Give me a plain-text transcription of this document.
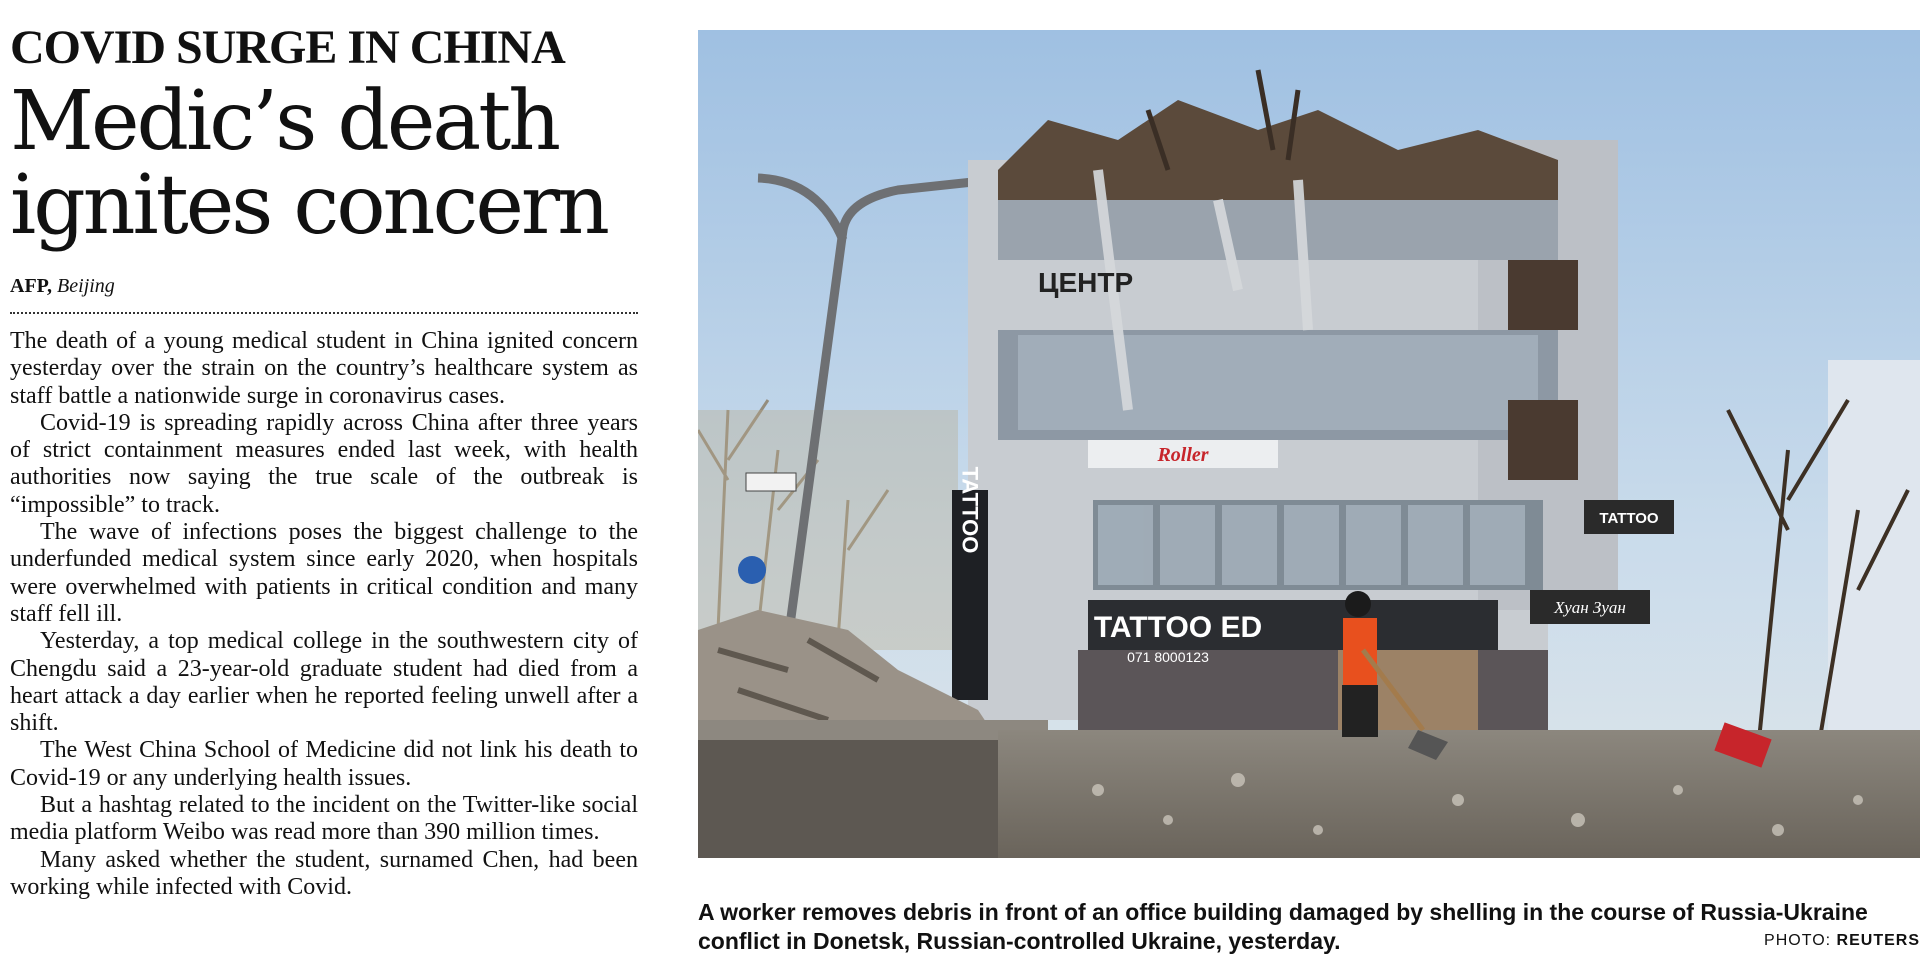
COVID SURGE IN CHINA
Medic’s death
ignites concern
AFP, Beijing

The death of a young medical student in China ignited concern yesterday over the strain on the country’s healthcare system as staff battle a nationwide surge in coronavirus cases.

Covid-19 is spreading rapidly across China after three years of strict containment measures ended last week, with health authorities now saying the true scale of the outbreak is “impossible” to track.

The wave of infections poses the biggest challenge to the underfunded medical system since early 2020, when hospitals were overwhelmed with patients in critical condition and many staff fell ill.

Yesterday, a top medical college in the southwestern city of Chengdu said a 23-year-old graduate student had died from a heart attack a day earlier when he reported feeling unwell after a shift.

The West China School of Medicine did not link his death to Covid-19 or any underlying health issues.

But a hashtag related to the incident on the Twitter-like social media platform Weibo was read more than 390 million times.

Many asked whether the student, surnamed Chen, had been working while infected with Covid.

TATTOO
ЦЕНТР
Roller
TATTOO ED
071 8000123
TATTOO
Хуан Зуан
A worker removes debris in front of an office building damaged by shelling in the course of Russia-Ukraine conflict in Donetsk, Russian-controlled Ukraine, yesterday.	PHOTO: REUTERS
